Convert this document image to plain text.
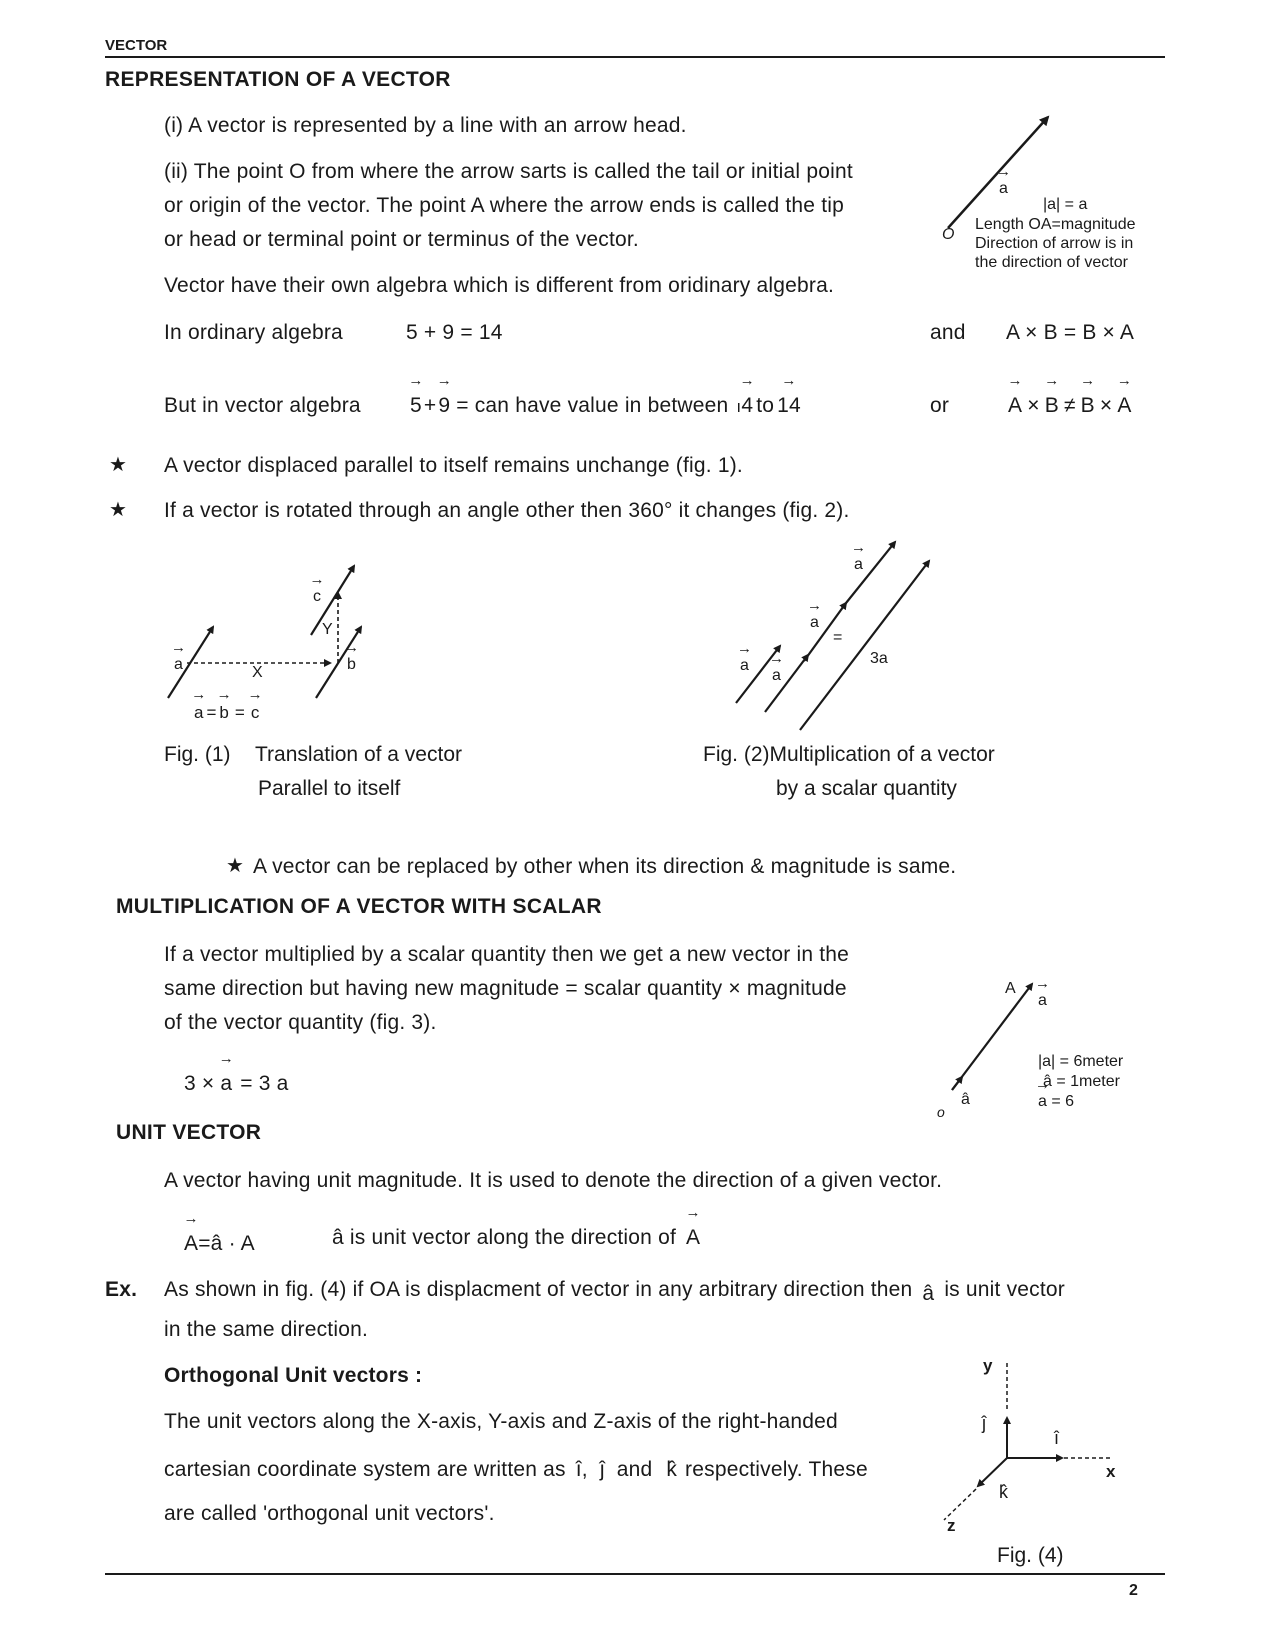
VECTOR
REPRESENTATION OF A VECTOR
(i) A vector is represented by a line with an arrow head.
(ii) The point O from where the arrow sarts is called the tail or initial point
or origin of the vector. The point A where the arrow ends is called the tip
or head or terminal point or terminus of the vector.
Vector have their own algebra which is different from oridinary algebra.
→ a
|a| = a
O
Length OA=magnitude
Direction of arrow is in
the direction of vector
In ordinary algebra	5 + 9 = 14	and A × B = B × A
But in vector algebra → 5+→ 9 = can have value in between ı→ 4 to → 14	or	→ A × → B ≠ → B × → A
★ A vector displaced parallel to itself remains unchange (fig. 1).
★ If a vector is rotated through an angle other then 360° it changes (fig. 2).
→ a	→ b
→ c
X
Y
→ a = → b = → c
Fig. (1) Translation of a vector
Parallel to itself
→ a
→ a
→ a
→ a
=
3a
Fig. (2)Multiplication of a vector
by a scalar quantity
★ A vector can be replaced by other when its direction & magnitude is same.
MULTIPLICATION OF A VECTOR WITH SCALAR
If a vector multiplied by a scalar quantity then we get a new vector in the
same direction but having new magnitude = scalar quantity × magnitude
of the vector quantity (fig. 3).
3 × → a = 3 a
A
→ a
o
â
|a| = 6meter
â = 1meter
→ a = 6
UNIT VECTOR
A vector having unit magnitude. It is used to denote the direction of a given vector.
→ A=â · A	â is unit vector along the direction of → A
Ex. As shown in fig. (4) if OA is displacment of vector in any arbitrary direction then â is unit vector
in the same direction.
Orthogonal Unit vectors :
The unit vectors along the X-axis, Y-axis and Z-axis of the right-handed
cartesian coordinate system are written as î, ĵ and k̂ respectively. These
are called 'orthogonal unit vectors'.
y
ĵ
î
x
k̂
z
Fig. (4)
2
